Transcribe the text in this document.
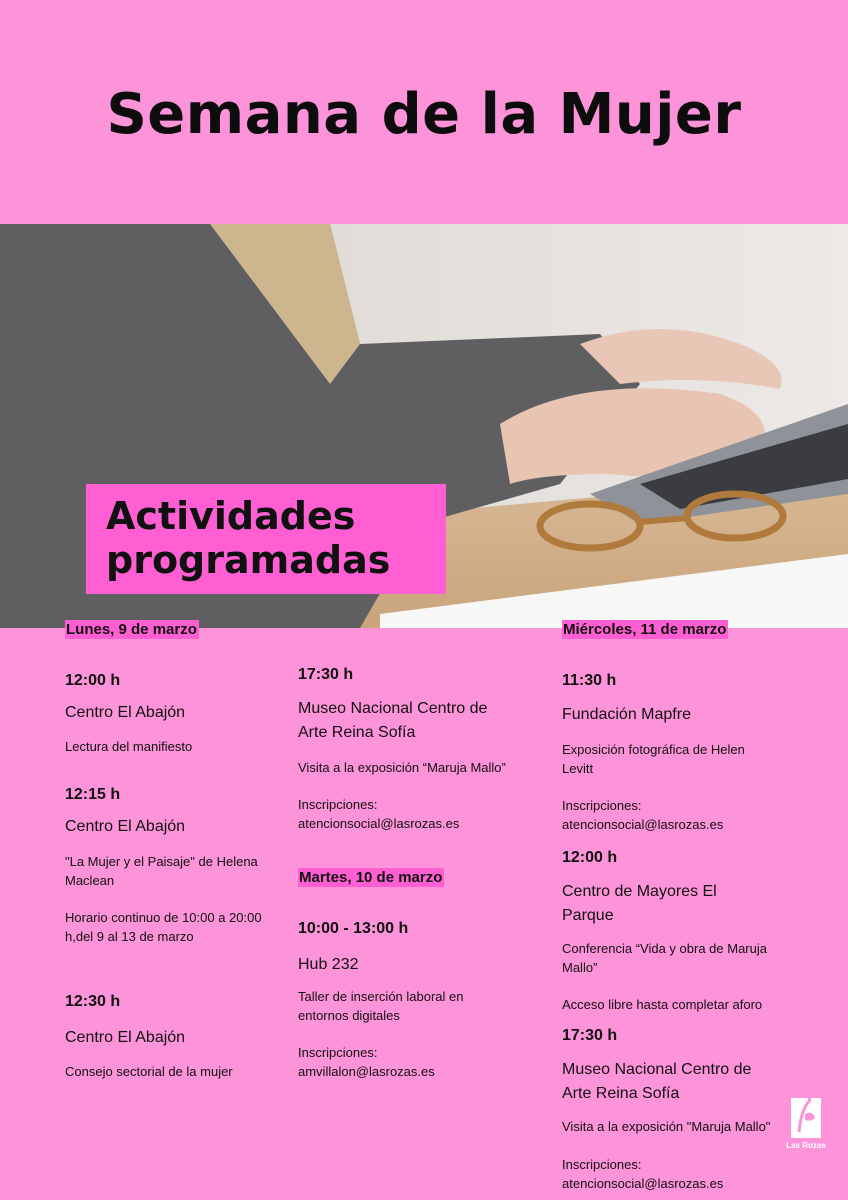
Semana de la Mujer
Actividades
programadas

Lunes, 9 de marzo

12:00 h

Centro El Abajón

Lectura del manifiesto

12:15 h

Centro El Abajón

"La Mujer y el Paisaje" de Helena Maclean

Horario continuo de 10:00 a 20:00 h,del 9 al 13 de marzo

12:30 h

Centro El Abajón

Consejo sectorial de la mujer

17:30 h

Museo Nacional Centro de Arte Reina Sofía

Visita a la exposición “Maruja Mallo”

Inscripciones:

atencionsocial@lasrozas.es

Martes, 10 de marzo

10:00 - 13:00 h

Hub 232

Taller de inserción laboral en entornos digitales

Inscripciones:

amvillalon@lasrozas.es

Miércoles, 11 de marzo

11:30 h

Fundación Mapfre

Exposición fotográfica de Helen Levitt

Inscripciones:

atencionsocial@lasrozas.es

12:00 h

Centro de Mayores El Parque

Conferencia “Vida y obra de Maruja Mallo”

Acceso libre hasta completar aforo

17:30 h

Museo Nacional Centro de Arte Reina Sofía

Visita a la exposición "Maruja Mallo"

Inscripciones:

atencionsocial@lasrozas.es

Las Rozas
